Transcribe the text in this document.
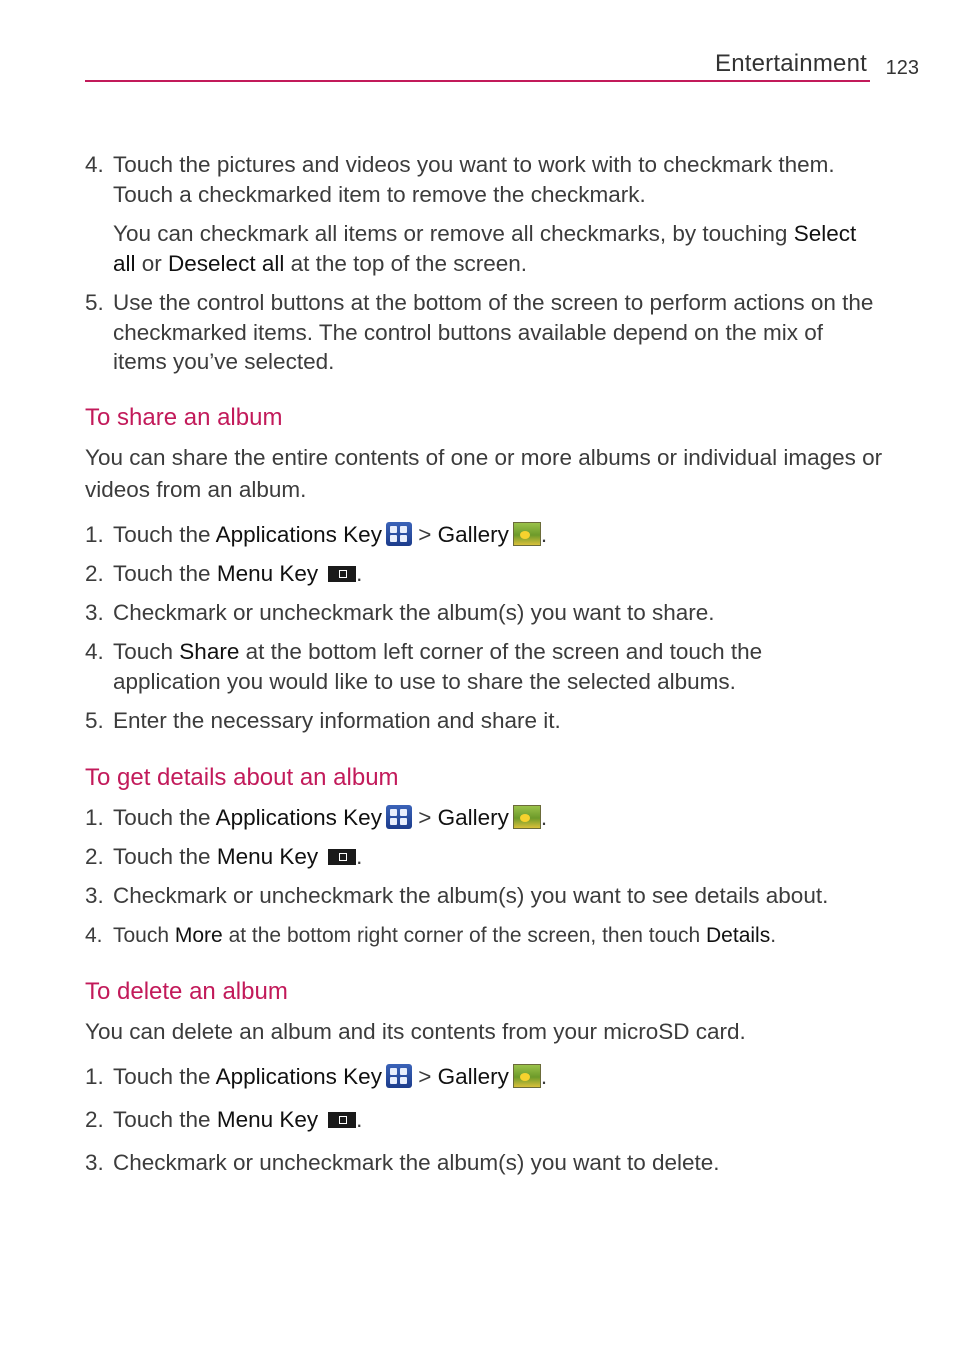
Entertainment 123
4. Touch the pictures and videos you want to work with to checkmark them. Touch a checkmarked item to remove the checkmark.
You can checkmark all items or remove all checkmarks, by touching Select all or Deselect all at the top of the screen.
5. Use the control buttons at the bottom of the screen to perform actions on the checkmarked items. The control buttons available depend on the mix of items you’ve selected.
To share an album
You can share the entire contents of one or more albums or individual images or videos from an album.
1. Touch the Applications Key
> Gallery .
2. Touch the Menu Key .
3. Checkmark or uncheckmark the album(s) you want to share.
4. Touch Share at the bottom left corner of the screen and touch the application you would like to use to share the selected albums.
5. Enter the necessary information and share it.
To get details about an album
1. Touch the Applications Key
> Gallery .
2. Touch the Menu Key .
3. Checkmark or uncheckmark the album(s) you want to see details about.
4. Touch More at the bottom right corner of the screen, then touch Details.
To delete an album
You can delete an album and its contents from your microSD card.
1. Touch the Applications Key
> Gallery .
2. Touch the Menu Key .
3. Checkmark or uncheckmark the album(s) you want to delete.
